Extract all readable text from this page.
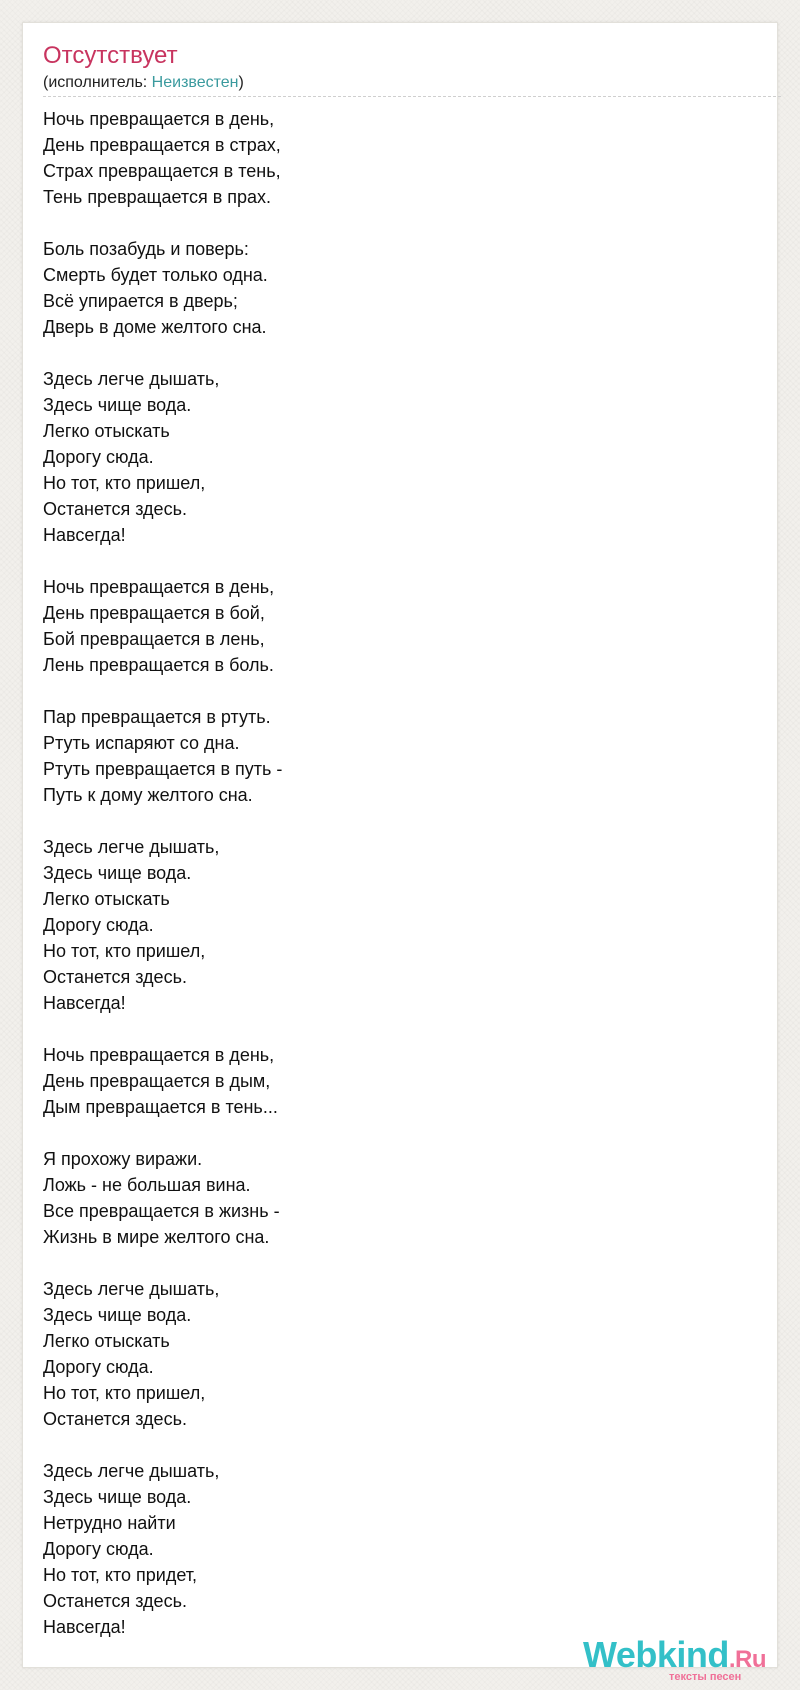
Отсутствует
(исполнитель: Неизвестен)
Ночь превращается в день,
День превращается в страх,
Страх превращается в тень,
Тень превращается в прах.
Боль позабудь и поверь:
Смерть будет только одна.
Всё упирается в дверь;
Дверь в доме желтого сна.
Здесь легче дышать,
Здесь чище вода.
Легко отыскать
Дорогу сюда.
Но тот, кто пришел,
Останется здесь.
Навсегда!
Ночь превращается в день,
День превращается в бой,
Бой превращается в лень,
Лень превращается в боль.
Пар превращается в ртуть.
Ртуть испаряют со дна.
Ртуть превращается в путь -
Путь к дому желтого сна.
Здесь легче дышать,
Здесь чище вода.
Легко отыскать
Дорогу сюда.
Но тот, кто пришел,
Останется здесь.
Навсегда!
Ночь превращается в день,
День превращается в дым,
Дым превращается в тень...
Я прохожу виражи.
Ложь - не большая вина.
Все превращается в жизнь -
Жизнь в мире желтого сна.
Здесь легче дышать,
Здесь чище вода.
Легко отыскать
Дорогу сюда.
Но тот, кто пришел,
Останется здесь.
Здесь легче дышать,
Здесь чище вода.
Нетрудно найти
Дорогу сюда.
Но тот, кто придет,
Останется здесь.
Навсегда!
Webkind.Ru
тексты песен
